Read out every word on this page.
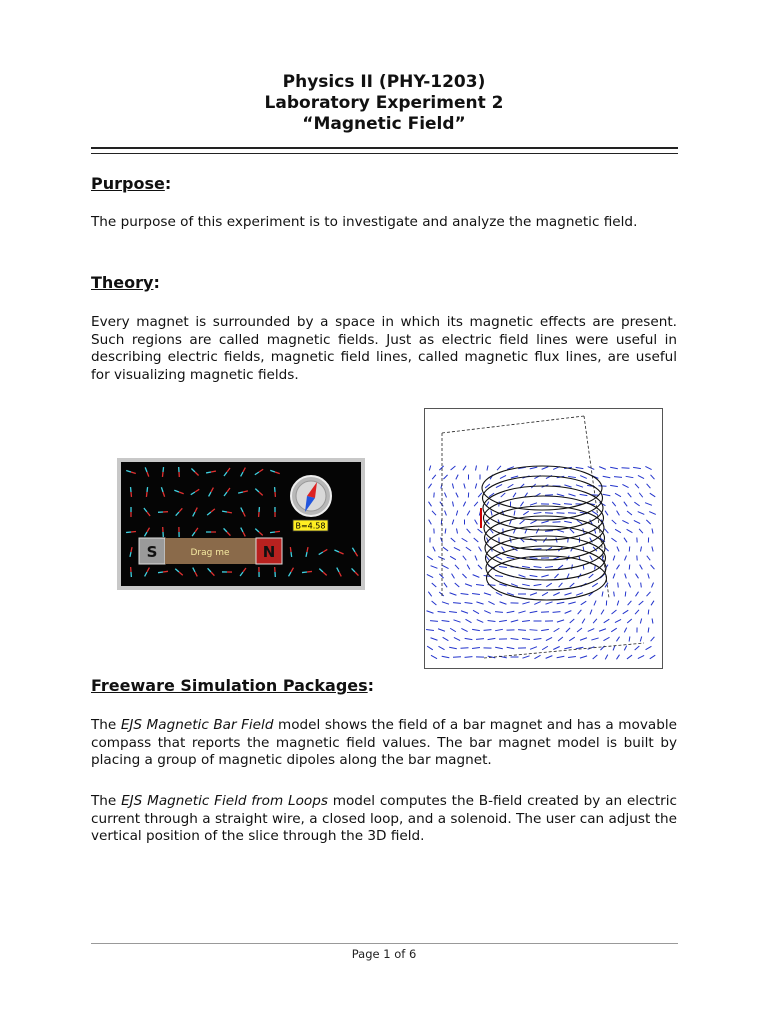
Physics II (PHY-1203)
Laboratory Experiment 2
“Magnetic Field”
Purpose:
The purpose of this experiment is to investigate and analyze the magnetic field.
Theory:
Every magnet is surrounded by a space in which its magnetic effects are present. Such regions are called magnetic fields. Just as electric field lines were useful in describing electric fields, magnetic field lines, called magnetic flux lines, are useful for visualizing magnetic fields.
B=4.58
S	Drag me N
Freeware Simulation Packages:
The EJS Magnetic Bar Field model shows the field of a bar magnet and has a movable compass that reports the magnetic field values. The bar magnet model is built by placing a group of magnetic dipoles along the bar magnet.
The EJS Magnetic Field from Loops model computes the B-field created by an electric current through a straight wire, a closed loop, and a solenoid. The user can adjust the vertical position of the slice through the 3D field.
Page 1 of 6
